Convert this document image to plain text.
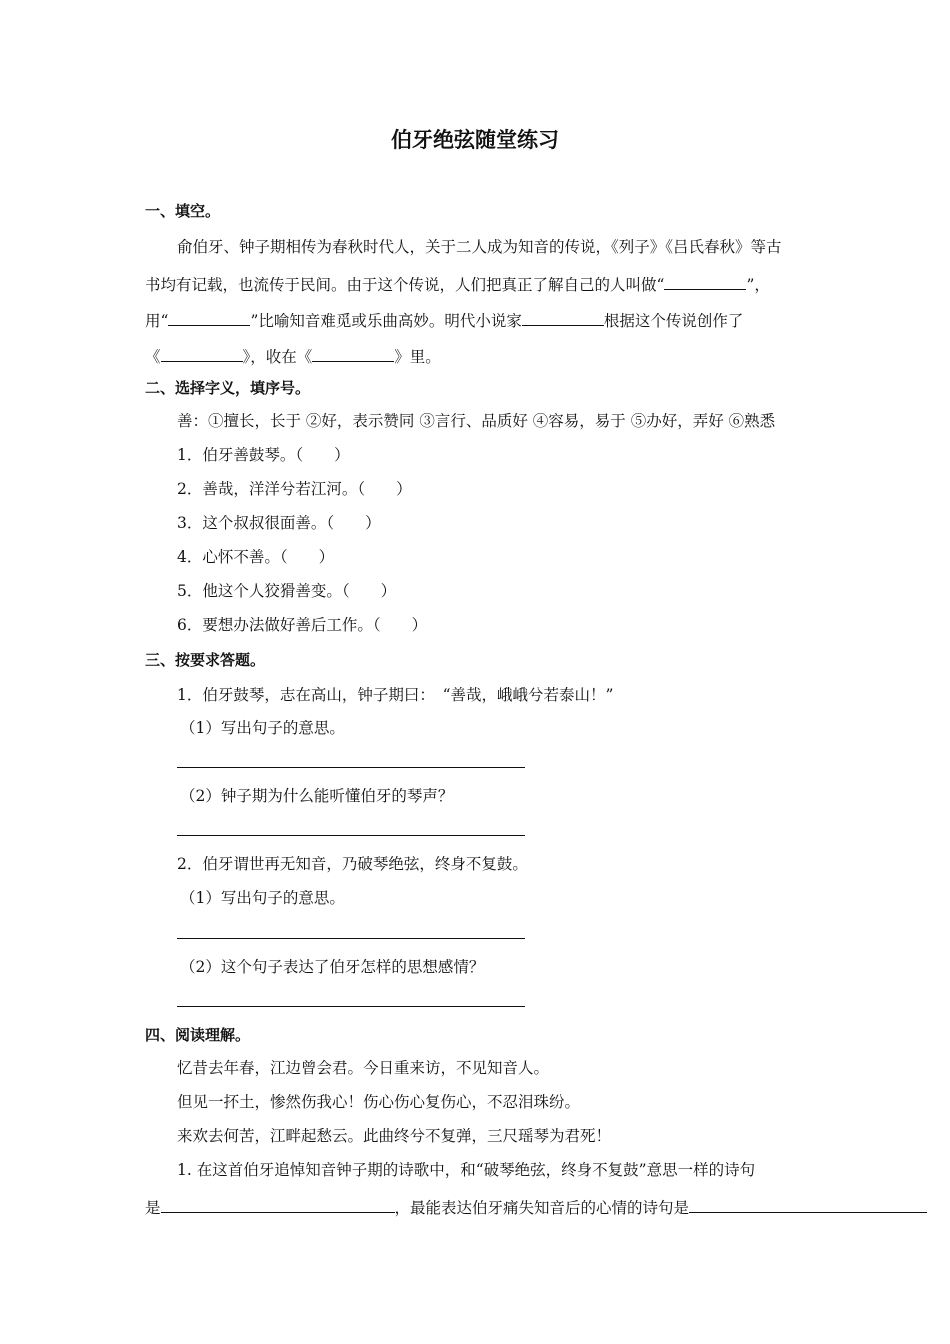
伯牙绝弦随堂练习
一、填空。
俞伯牙、钟子期相传为春秋时代人，关于二人成为知音的传说，《列子》《吕氏春秋》等古
书均有记载，也流传于民间。由于这个传说，人们把真正了解自己的人叫做“	”，
用“	”比喻知音难觅或乐曲高妙。明代小说家	根据这个传说创作了
《	》，收在《	》里。
二、选择字义，填序号。
善：①擅长，长于 ②好，表示赞同 ③言行、品质好 ④容易，易于 ⑤办好，弄好 ⑥熟悉
1．伯牙善鼓琴。（　　）
2．善哉，洋洋兮若江河。（　　）
3．这个叔叔很面善。（　　）
4．心怀不善。（　　）
5．他这个人狡猾善变。（　　）
6．要想办法做好善后工作。（　　）
三、按要求答题。
1．伯牙鼓琴，志在高山，钟子期曰：　“善哉，峨峨兮若泰山！”
（1）写出句子的意思。
（2）钟子期为什么能听懂伯牙的琴声？
2．伯牙谓世再无知音，乃破琴绝弦，终身不复鼓。
（1）写出句子的意思。
（2）这个句子表达了伯牙怎样的思想感情？
四、阅读理解。
忆昔去年春，江边曾会君。今日重来访，不见知音人。
但见一抔土，惨然伤我心！伤心伤心复伤心，不忍泪珠纷。
来欢去何苦，江畔起愁云。此曲终兮不复弹，三尺瑶琴为君死！
1. 在这首伯牙追悼知音钟子期的诗歌中，和“破琴绝弦，终身不复鼓”意思一样的诗句
是	，最能表达伯牙痛失知音后的心情的诗句是
